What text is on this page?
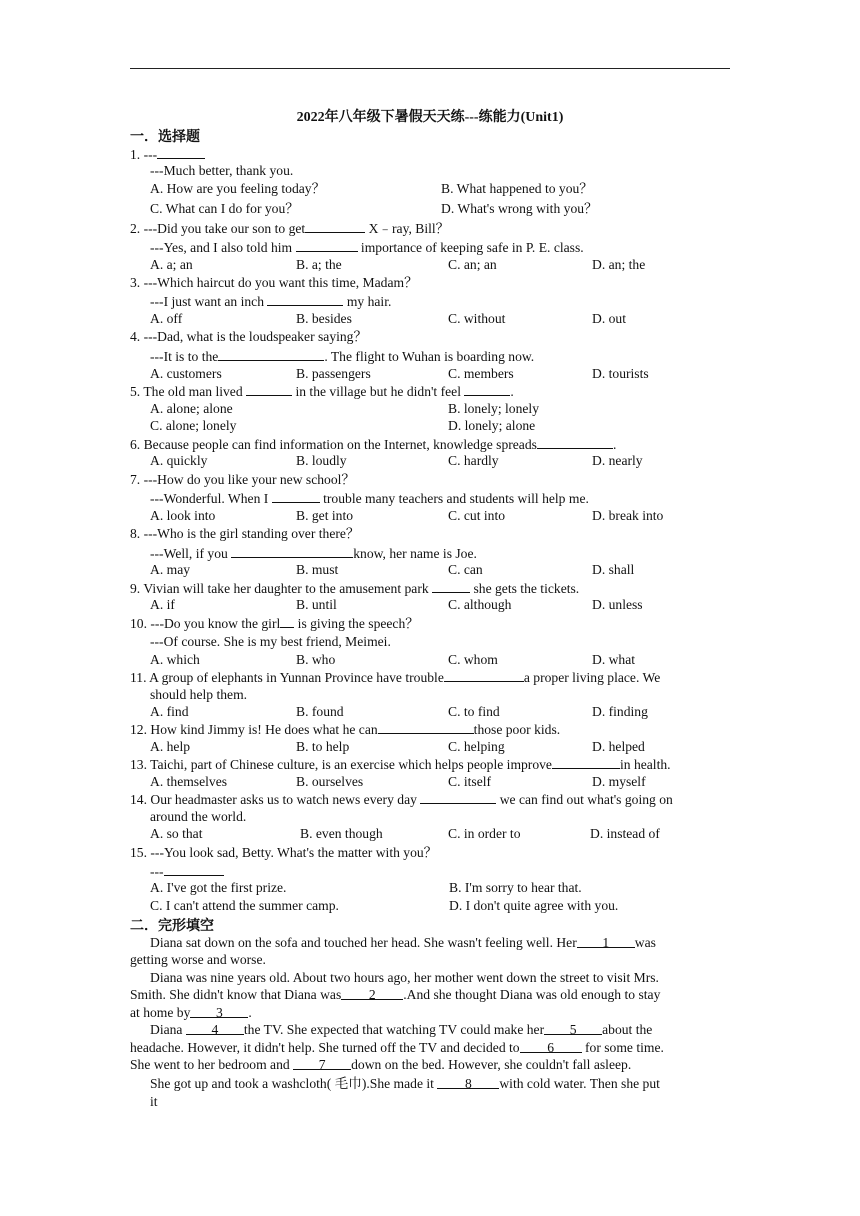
2022年八年级下暑假天天练---练能力(Unit1)
一．选择题
1. ---
---Much better, thank you.
A. How are you feeling today？	B. What happened to you？
C. What can I do for you？	D. What's wrong with you？
2. ---Did you take our son to get	X﹣ray, Bill？
---Yes, and I also told him	importance of keeping safe in P. E. class.
A. a; an	B. a; the	C. an; an	D. an; the
3. ---Which haircut do you want this time, Madam？
---I just want an inch	my hair.
A. off	B. besides	C. without	D. out
4. ---Dad, what is the loudspeaker saying？
---It is to the	. The flight to Wuhan is boarding now.
A. customers	B. passengers	C. members	D. tourists
5. The old man lived	in the village but he didn't feel	.
A. alone; alone	B. lonely; lonely
C. alone; lonely	D. lonely; alone
6. Because people can find information on the Internet, knowledge spreads	.
A. quickly	B. loudly	C. hardly	D. nearly
7. ---How do you like your new school？
---Wonderful. When I	trouble many teachers and students will help me.
A. look into	B. get into	C. cut into	D. break into
8. ---Who is the girl standing over there？
---Well, if you	know, her name is Joe.
A. may	B. must	C. can	D. shall
9. Vivian will take her daughter to the amusement park	she gets the tickets.
A. if	B. until	C. although	D. unless
10. ---Do you know the girl is giving the speech？
---Of course. She is my best friend, Meimei.
A. which	B. who	C. whom	D. what
11. A group of elephants in Yunnan Province have trouble	a proper living place. We
should help them.
A. find	B. found	C. to find	D. finding
12. How kind Jimmy is! He does what he can	those poor kids.
A. help	B. to help	C. helping	D. helped
13. Taichi, part of Chinese culture, is an exercise which helps people improve	in health.
A. themselves	B. ourselves	C. itself	D. myself
14. Our headmaster asks us to watch news every day	we can find out what's going on
around the world.
A. so that	B. even though	C. in order to	D. instead of
15. ---You look sad, Betty. What's the matter with you？
---
A. I've got the first prize.	B. I'm sorry to hear that.
C. I can't attend the summer camp.	D. I don't quite agree with you.
二．完形填空
Diana sat down on the sofa and touched her head. She wasn't feeling well. Her 1 was
getting worse and worse.
Diana was nine years old. About two hours ago, her mother went down the street to visit Mrs.
Smith. She didn't know that Diana was 2 .And she thought Diana was old enough to stay
at home by 3 .
Diana 4 the TV. She expected that watching TV could make her 5 about the
headache. However, it didn't help. She turned off the TV and decided to 6 for some time.
She went to her bedroom and 7 down on the bed. However, she couldn't fall asleep.
She got up and took a washcloth( 毛巾).She made it 8 with cold water. Then she put
it
